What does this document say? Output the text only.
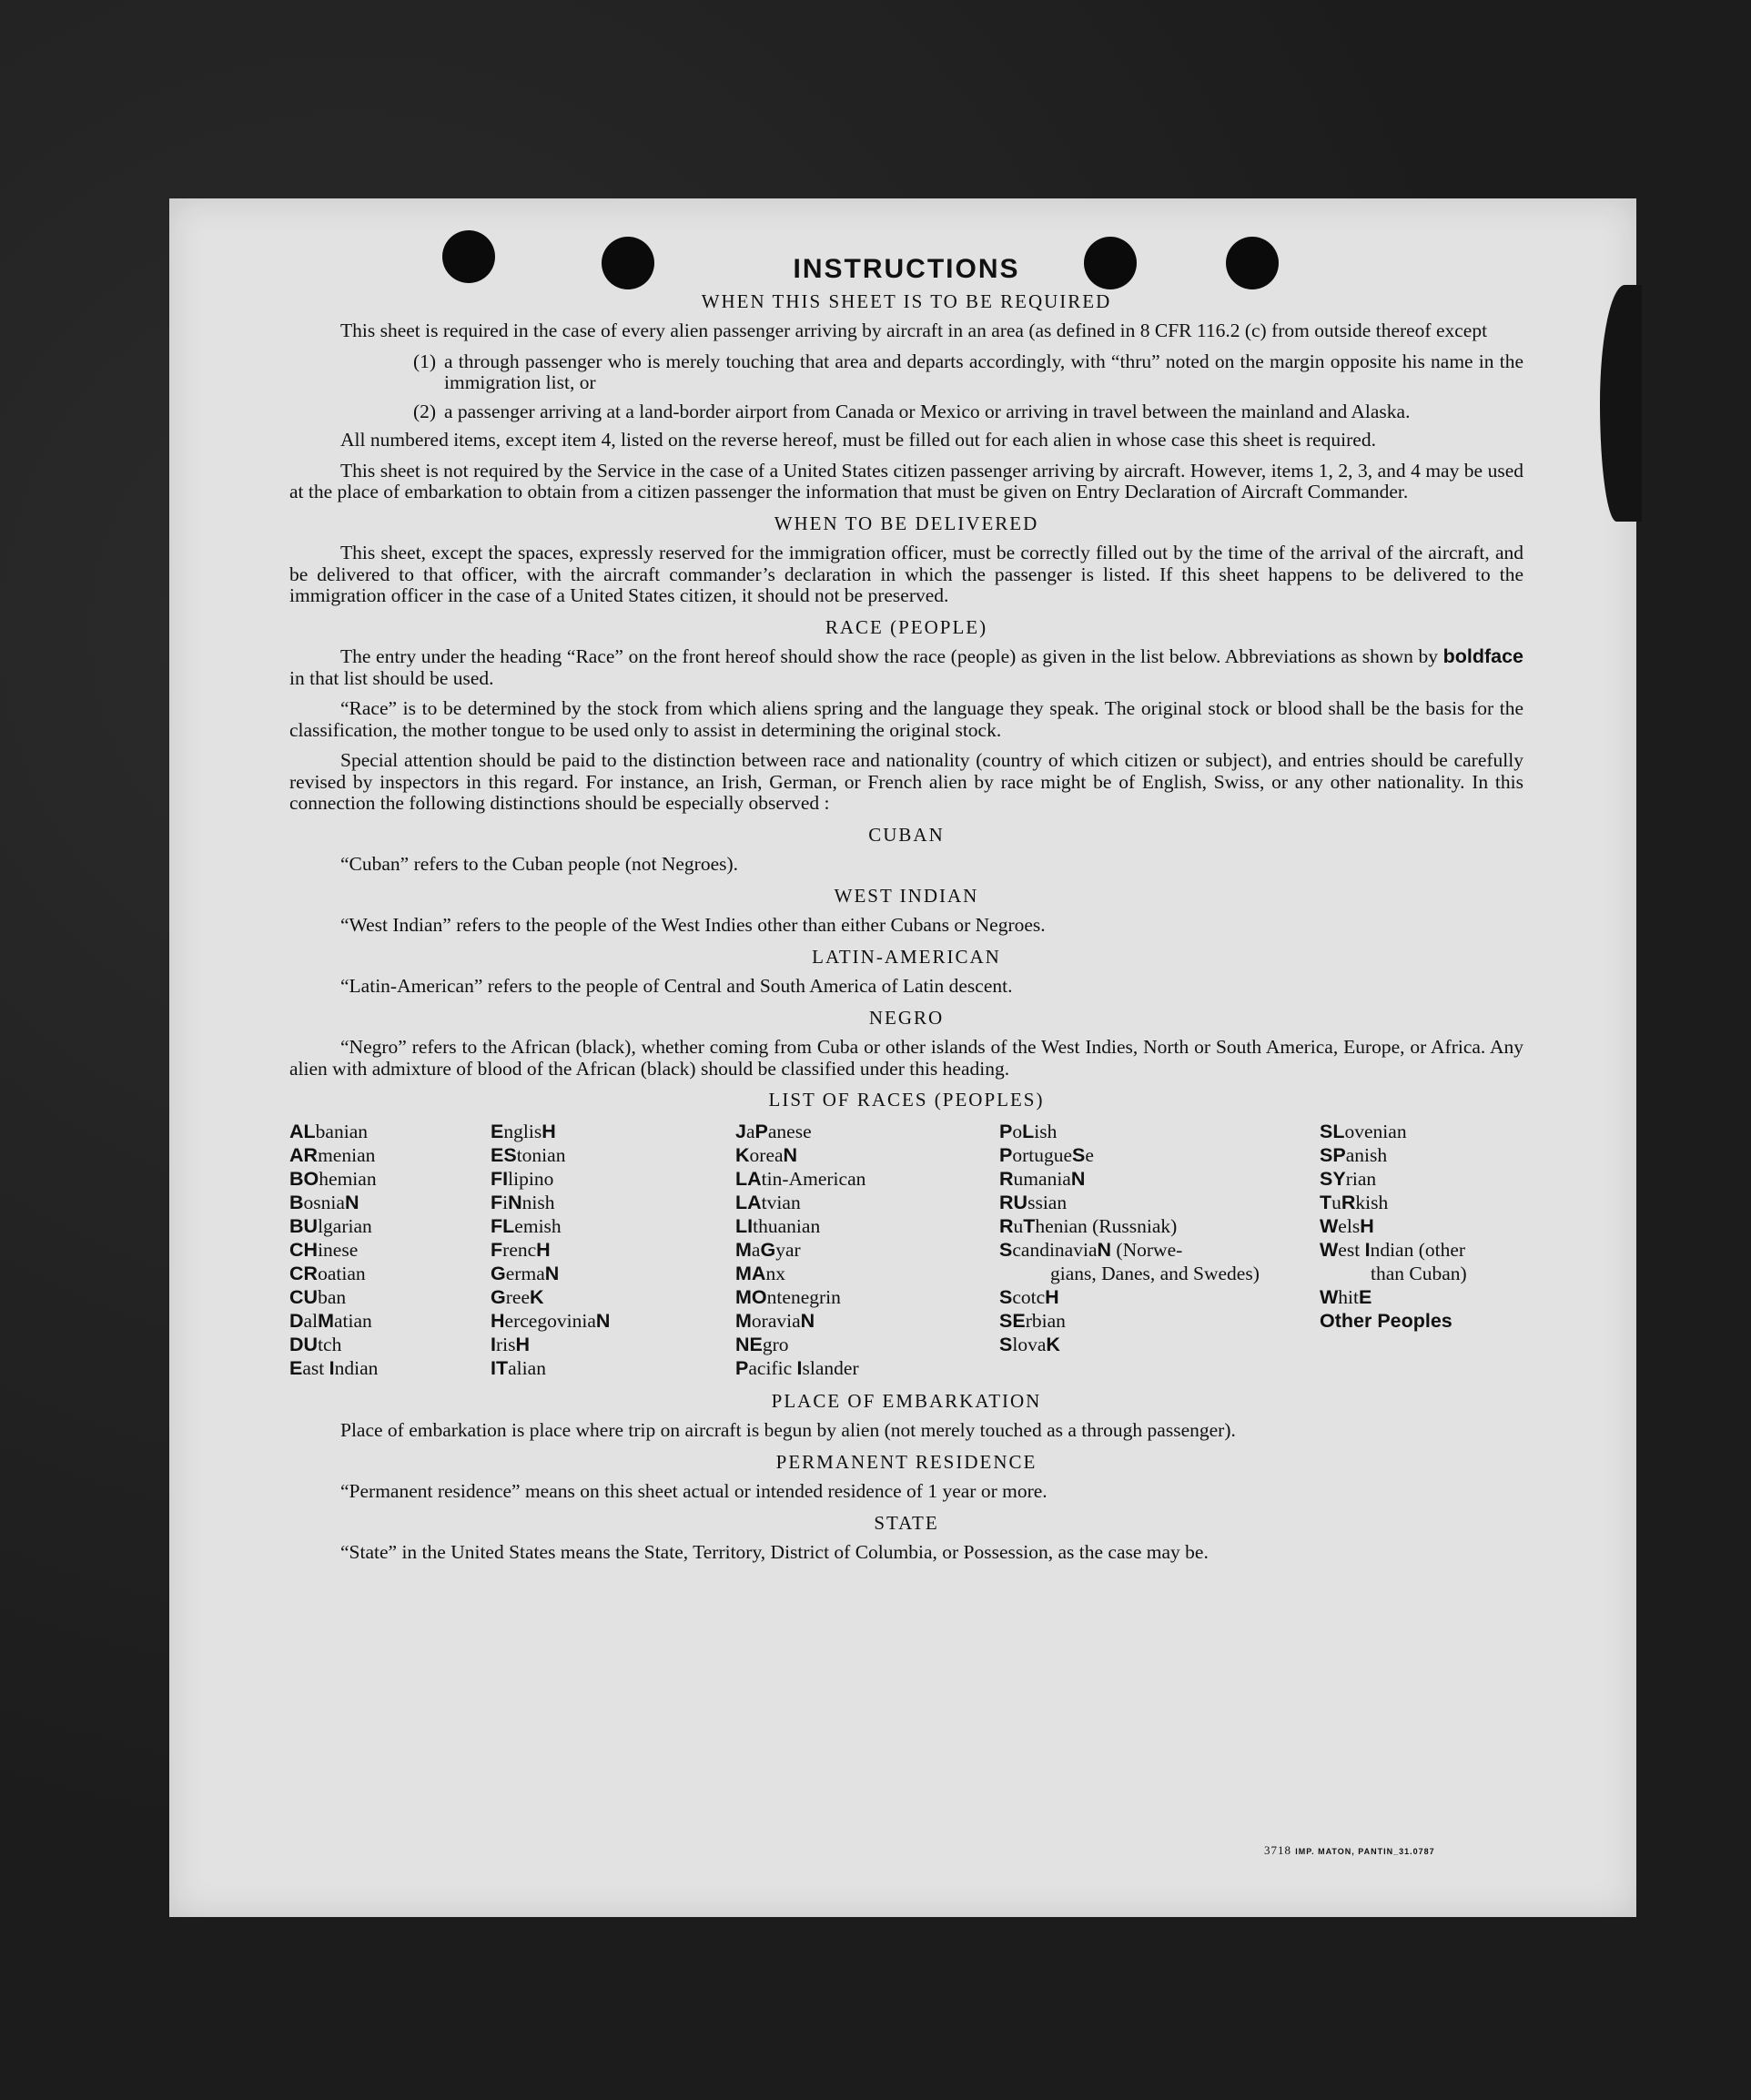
INSTRUCTIONS
WHEN THIS SHEET IS TO BE REQUIRED

This sheet is required in the case of every alien passenger arriving by aircraft in an area (as defined in 8 CFR 116.2 (c) from outside thereof except

(1) a through passenger who is merely touching that area and departs accordingly, with “thru” noted on the margin opposite his name in the immigration list, or
(2) a passenger arriving at a land-border airport from Canada or Mexico or arriving in travel between the mainland and Alaska.

All numbered items, except item 4, listed on the reverse hereof, must be filled out for each alien in whose case this sheet is required.

This sheet is not required by the Service in the case of a United States citizen passenger arriving by aircraft. However, items 1, 2, 3, and 4 may be used at the place of embarkation to obtain from a citizen passenger the information that must be given on Entry Declaration of Aircraft Commander.

WHEN TO BE DELIVERED

This sheet, except the spaces, expressly reserved for the immigration officer, must be correctly filled out by the time of the arrival of the aircraft, and be delivered to that officer, with the aircraft commander’s declaration in which the passenger is listed. If this sheet happens to be delivered to the immigration officer in the case of a United States citizen, it should not be preserved.

RACE (PEOPLE)

The entry under the heading “Race” on the front hereof should show the race (people) as given in the list below. Abbreviations as shown by boldface in that list should be used.

“Race” is to be determined by the stock from which aliens spring and the language they speak. The original stock or blood shall be the basis for the classification, the mother tongue to be used only to assist in determining the original stock.

Special attention should be paid to the distinction between race and nationality (country of which citizen or subject), and entries should be carefully revised by inspectors in this regard. For instance, an Irish, German, or French alien by race might be of English, Swiss, or any other nationality. In this connection the following distinctions should be especially observed :

CUBAN

“Cuban” refers to the Cuban people (not Negroes).

WEST INDIAN

“West Indian” refers to the people of the West Indies other than either Cubans or Negroes.

LATIN-AMERICAN

“Latin-American” refers to the people of Central and South America of Latin descent.

NEGRO

“Negro” refers to the African (black), whether coming from Cuba or other islands of the West Indies, North or South America, Europe, or Africa. Any alien with admixture of blood of the African (black) should be classified under this heading.

LIST OF RACES (PEOPLES)
ALbanian
ARmenian
BOhemian
BosniaN
BUlgarian
CHinese
CRoatian
CUban
DalMatian
DUtch
East Indian
EnglisH
EStonian
FIlipino
FiNnish
FLemish
FrencH
GermaN
GreeK
HercegoviniaN
IrisH
ITalian
JaPanese
KoreaN
LAtin-American
LAtvian
LIthuanian
MaGyar
MAnx
MOntenegrin
MoraviaN
NEgro
Pacific Islander
PoLish
PortugueSe
RumaniaN
RUssian
RuThenian (Russniak)
ScandinaviaN (Norwe-
gians, Danes, and Swedes)
ScotcH
SErbian
SlovaK
SLovenian
SPanish
SYrian
TuRkish
WelsH
West Indian (other
than Cuban)
WhitE
Other Peoples
PLACE OF EMBARKATION

Place of embarkation is place where trip on aircraft is begun by alien (not merely touched as a through passenger).

PERMANENT RESIDENCE

“Permanent residence” means on this sheet actual or intended residence of 1 year or more.

STATE

“State” in the United States means the State, Territory, District of Columbia, or Possession, as the case may be.

3718 IMP. MATON, PANTIN_31.0787
